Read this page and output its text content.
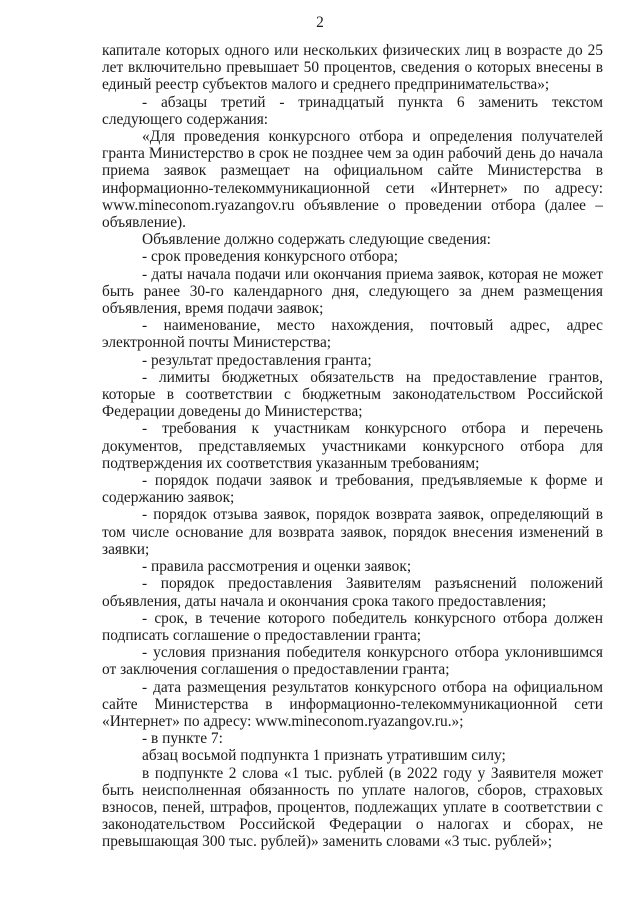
2

капитале которых одного или нескольких физических лиц в возрасте до 25 лет включительно превышает 50 процентов, сведения о которых внесены в единый реестр субъектов малого и среднего предпринимательства»;

- абзацы третий - тринадцатый пункта 6 заменить текстом следующего содержания:

«Для проведения конкурсного отбора и определения получателей гранта Министерство в срок не позднее чем за один рабочий день до начала приема заявок размещает на официальном сайте Министерства в информационно-телекоммуникационной сети «Интернет» по адресу: www.mineconom.ryazangov.ru объявление о проведении отбора (далее – объявление).

Объявление должно содержать следующие сведения:

- срок проведения конкурсного отбора;

- даты начала подачи или окончания приема заявок, которая не может быть ранее 30-го календарного дня, следующего за днем размещения объявления, время подачи заявок;

- наименование, место нахождения, почтовый адрес, адрес электронной почты Министерства;

- результат предоставления гранта;

- лимиты бюджетных обязательств на предоставление грантов, которые в соответствии с бюджетным законодательством Российской Федерации доведены до Министерства;

- требования к участникам конкурсного отбора и перечень документов, представляемых участниками конкурсного отбора для подтверждения их соответствия указанным требованиям;

- порядок подачи заявок и требования, предъявляемые к форме и содержанию заявок;

- порядок отзыва заявок, порядок возврата заявок, определяющий в том числе основание для возврата заявок, порядок внесения изменений в заявки;

- правила рассмотрения и оценки заявок;

- порядок предоставления Заявителям разъяснений положений объявления, даты начала и окончания срока такого предоставления;

- срок, в течение которого победитель конкурсного отбора должен подписать соглашение о предоставлении гранта;

- условия признания победителя конкурсного отбора уклонившимся от заключения соглашения о предоставлении гранта;

- дата размещения результатов конкурсного отбора на официальном сайте Министерства в информационно-телекоммуникационной сети «Интернет» по адресу: www.mineconom.ryazangov.ru.»;

- в пункте 7:

абзац восьмой подпункта 1 признать утратившим силу;

в подпункте 2 слова «1 тыс. рублей (в 2022 году у Заявителя может быть неисполненная обязанность по уплате налогов, сборов, страховых взносов, пеней, штрафов, процентов, подлежащих уплате в соответствии с законодательством Российской Федерации о налогах и сборах, не превышающая 300 тыс. рублей)» заменить словами «3 тыс. рублей»;
